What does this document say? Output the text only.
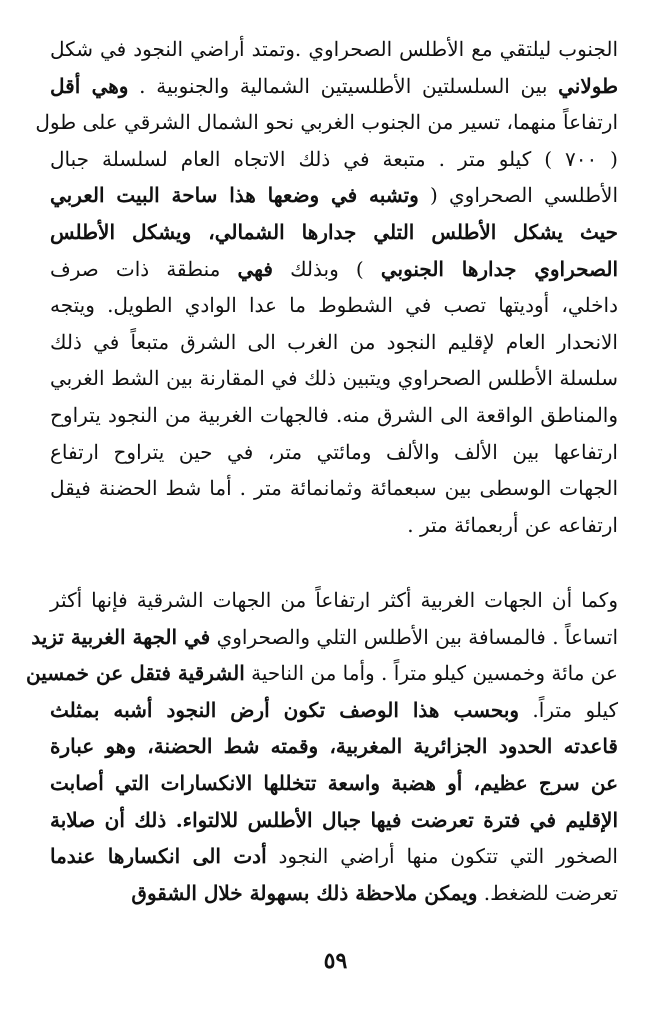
الجنوب ليلتقي مع الأطلس الصحراوي .وتمتد أراضي النجود في شكل
طولاني بين السلسلتين الأطلسيتين الشمالية والجنوبية . وهي أقل
ارتفاعاً منهما، تسير من الجنوب الغربي نحو الشمال الشرقي على طول
( ٧٠٠ ) كيلو متر . متبعة في ذلك الاتجاه العام لسلسلة جبال
الأطلسي الصحراوي ( وتشبه في وضعها هذا ساحة البيت العربي
حيث يشكل الأطلس التلي جدارها الشمالي، ويشكل الأطلس
الصحراوي جدارها الجنوبي ) وبذلك فهي منطقة ذات صرف
داخلي، أوديتها تصب في الشطوط ما عدا الوادي الطويل. ويتجه
الانحدار العام لإقليم النجود من الغرب الى الشرق متبعاً في ذلك
سلسلة الأطلس الصحراوي ويتبين ذلك في المقارنة بين الشط الغربي
والمناطق الواقعة الى الشرق منه. فالجهات الغربية من النجود يتراوح
ارتفاعها بين الألف والألف ومائتي متر، في حين يتراوح ارتفاع
الجهات الوسطى بين سبعمائة وثمانمائة متر . أما شط الحضنة فيقل
ارتفاعه عن أربعمائة متر .
وكما أن الجهات الغربية أكثر ارتفاعاً من الجهات الشرقية فإنها أكثر
اتساعاً . فالمسافة بين الأطلس التلي والصحراوي في الجهة الغربية تزيد
عن مائة وخمسين كيلو متراً . وأما من الناحية الشرقية فتقل عن خمسين
كيلو متراً. وبحسب هذا الوصف تكون أرض النجود أشبه بمثلث
قاعدته الحدود الجزائرية المغربية، وقمته شط الحضنة، وهو عبارة
عن سرج عظيم، أو هضبة واسعة تتخللها الانكسارات التي أصابت
الإقليم في فترة تعرضت فيها جبال الأطلس للالتواء. ذلك أن صلابة
الصخور التي تتكون منها أراضي النجود أدت الى انكسارها عندما
تعرضت للضغط. ويمكن ملاحظة ذلك بسهولة خلال الشقوق
٥٩
